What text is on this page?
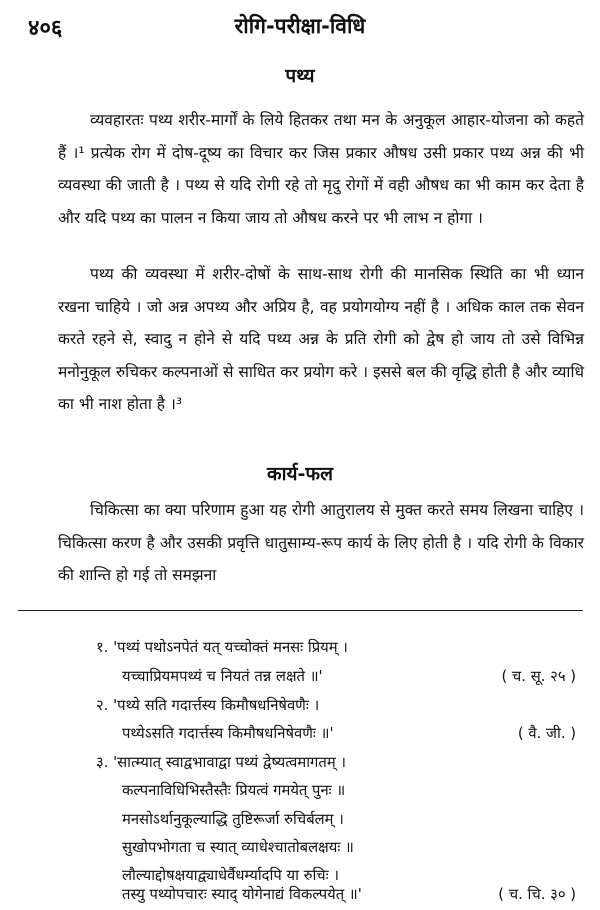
४०६	रोगि-परीक्षा-विधि
पथ्य

व्यवहारतः पथ्य शरीर-मार्गों के लिये हितकर तथा मन के अनुकूल आहार-योजना को कहते हैं ।¹ प्रत्येक रोग में दोष-दूष्य का विचार कर जिस प्रकार औषध उसी प्रकार पथ्य अन्न की भी व्यवस्था की जाती है । पथ्य से यदि रोगी रहे तो मृदु रोगों में वही औषध का भी काम कर देता है और यदि पथ्य का पालन न किया जाय तो औषध करने पर भी लाभ न होगा ।

पथ्य की व्यवस्था में शरीर-दोषों के साथ-साथ रोगी की मानसिक स्थिति का भी ध्यान रखना चाहिये । जो अन्न अपथ्य और अप्रिय है, वह प्रयोगयोग्य नहीं है । अधिक काल तक सेवन करते रहने से, स्वादु न होने से यदि पथ्य अन्न के प्रति रोगी को द्वेष हो जाय तो उसे विभिन्न मनोनुकूल रुचिकर कल्पनाओं से साधित कर प्रयोग करे । इससे बल की वृद्धि होती है और व्याधि का भी नाश होता है ।³

कार्य-फल

चिकित्सा का क्या परिणाम हुआ यह रोगी आतुरालय से मुक्त करते समय लिखना चाहिए । चिकित्सा करण है और उसकी प्रवृत्ति धातुसाम्य-रूप कार्य के लिए होती है । यदि रोगी के विकार की शान्ति हो गई तो समझना

१. 'पथ्यं पथोऽनपेतं यत् यच्चोक्तं मनसः प्रियम् ।
यच्चाप्रियमपथ्यं च नियतं तन्न लक्षते ॥'	( च. सू. २५ )
२. 'पथ्ये सति गदार्त्तस्य किमौषधनिषेवणैः ।
पथ्येऽसति गदार्त्तस्य किमौषधनिषेवणैः ॥'	( वै. जी. )
३. 'सात्म्यात् स्वाद्वभावाद्वा पथ्यं द्वेष्यत्वमागतम् ।
कल्पनाविधिभिस्तैस्तैः प्रियत्वं गमयेत् पुनः ॥
मनसोऽर्थानुकूल्याद्धि तुष्टिरूर्जा रुचिर्बलम् ।
सुखोपभोगता च स्यात् व्याधेश्चातोबलक्षयः ॥
लौल्याद्दोषक्षयाद्व्याधेर्वैधर्म्यादपि या रुचिः ।
तस्यु पथ्योपचारः स्याद् योगेनाद्यं विकल्पयेत् ॥'	( च. चि. ३० )
